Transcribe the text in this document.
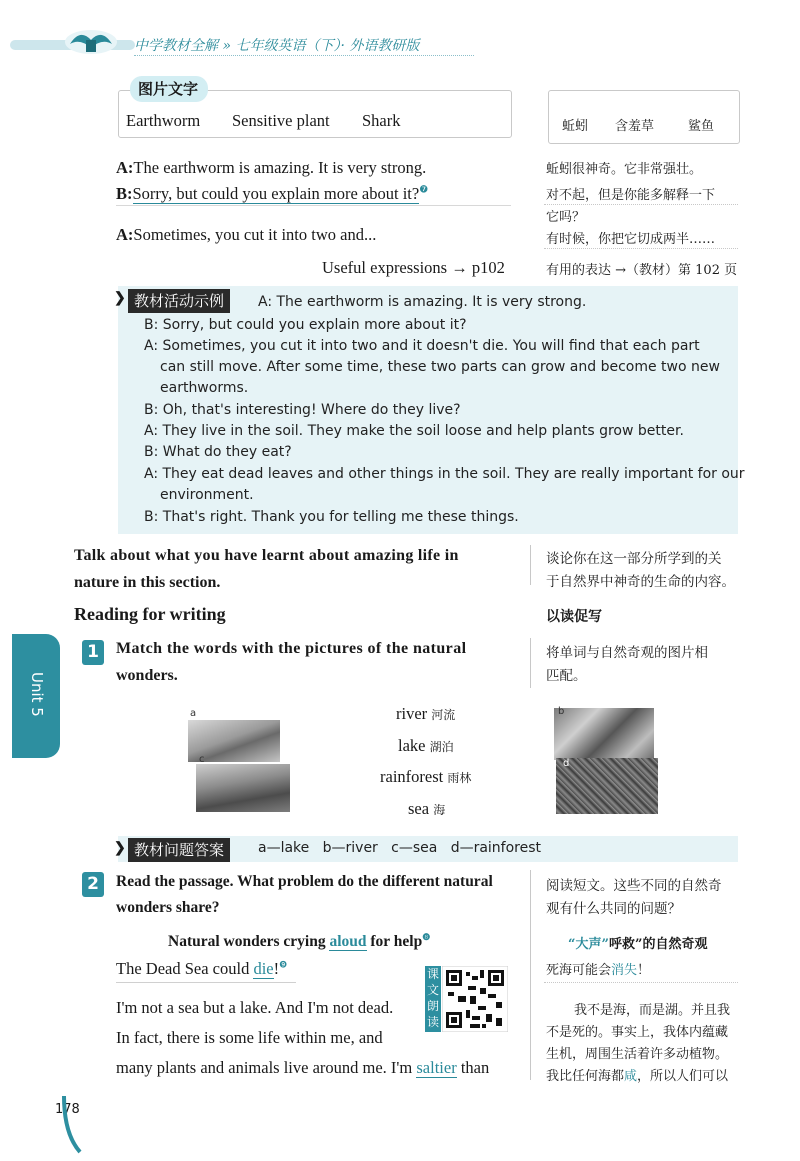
中学教材全解 » 七年级英语（下）· 外语教研版
图片文字
Earthworm Sensitive plant Shark	蚯蚓 含羞草	鲨鱼
A:The earthworm is amazing. It is very strong.
B:Sorry, but could you explain more about it?$^❼$
A:Sometimes, you cut it into two and...
Useful expressions → p102
蚯蚓很神奇。它非常强壮。
对不起，但是你能多解释一下
它吗？
有时候，你把它切成两半……
有用的表达 →（教材）第 102 页
❯ 教材活动示例	A: The earthworm is amazing. It is very strong.
B: Sorry, but could you explain more about it?
A: Sometimes, you cut it into two and it doesn't die. You will find that each part
can still move. After some time, these two parts can grow and become two new
earthworms.
B: Oh, that's interesting! Where do they live?
A: They live in the soil. They make the soil loose and help plants grow better.
B: What do they eat?
A: They eat dead leaves and other things in the soil. They are really important for our
environment.
B: That's right. Thank you for telling me these things.
Talk about what you have learnt about amazing life in
nature in this section.
谈论你在这一部分所学到的关
于自然界中神奇的生命的内容。
Reading for writing	以读促写
Unit 5
1	Match the words with the pictures of the natural
wonders.
将单词与自然奇观的图片相
匹配。
a
c
b
d
river 河流
lake 湖泊
rainforest 雨林
sea 海
❯ 教材问题答案	a—lake   b—river   c—sea   d—rainforest
2	Read the passage. What problem do the different natural
wonders share?
阅读短文。这些不同的自然奇
观有什么共同的问题？
Natural wonders crying aloud for help$^❽$
The Dead Sea could die!$^❾$
I'm not a sea but a lake. And I'm not dead.
In fact, there is some life within me, and
many plants and animals live around me. I'm saltier than
课文朗读
“大声”呼救”的自然奇观
死海可能会消失！
我不是海，而是湖。并且我
不是死的。事实上，我体内蕴藏
生机，周围生活着许多动植物。
我比任何海都咸，所以人们可以
178
